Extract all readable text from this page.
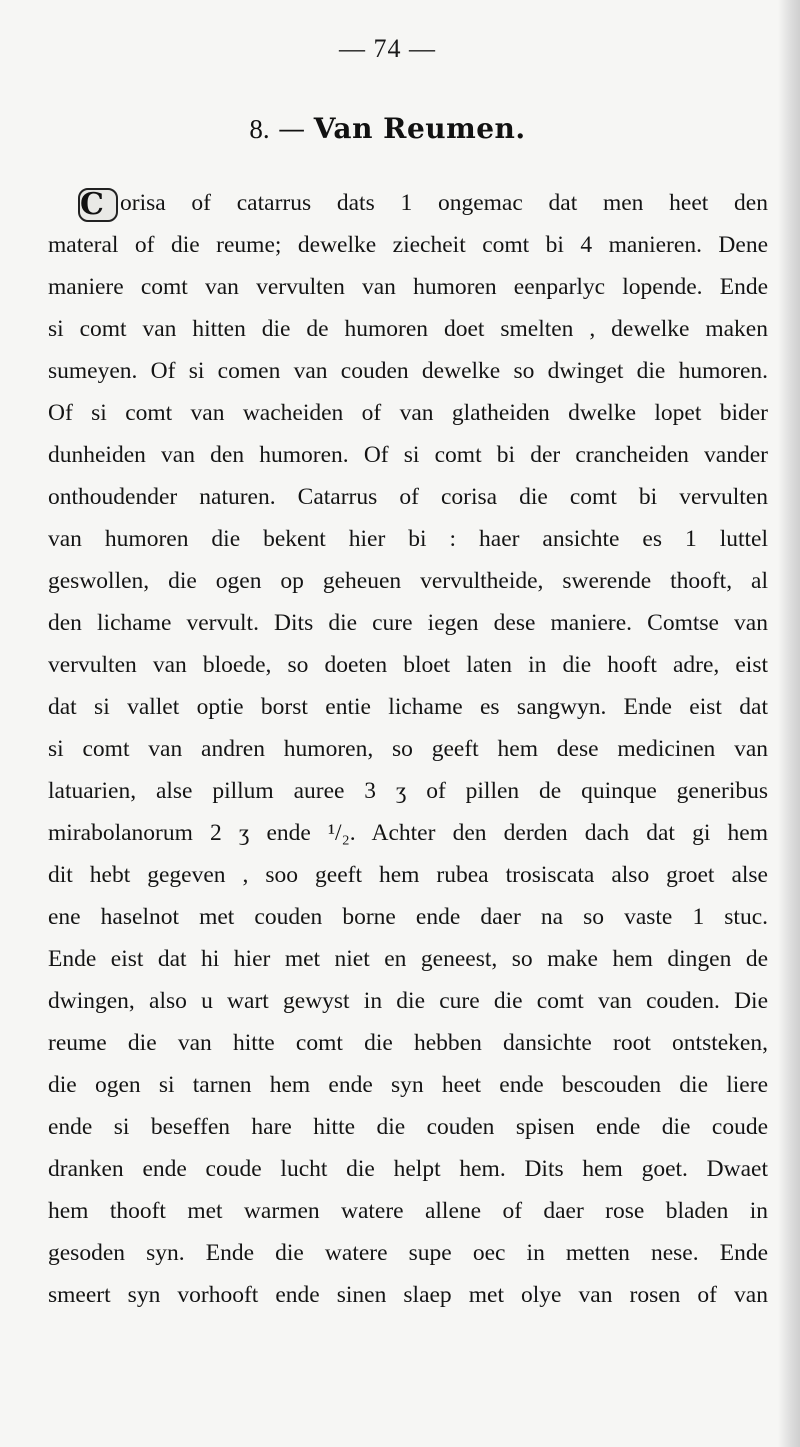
— 74 —
8. — Van Reumen.
C orisa of catarrus dats 1 ongemac dat men heet den
materal of die reume; dewelke ziecheit comt bi 4 manieren. Dene
maniere comt van vervulten van humoren eenparlyc lopende. Ende
si comt van hitten die de humoren doet smelten , dewelke maken
sumeyen. Of si comen van couden dewelke so dwinget die humoren.
Of si comt van wacheiden of van glatheiden dwelke lopet bider
dunheiden van den humoren. Of si comt bi der crancheiden vander
onthoudender naturen. Catarrus of corisa die comt bi vervulten
van humoren die bekent hier bi : haer ansichte es 1 luttel
geswollen, die ogen op geheuen vervultheide, swerende thooft, al
den lichame vervult. Dits die cure iegen dese maniere. Comtse van
vervulten van bloede, so doeten bloet laten in die hooft adre, eist
dat si vallet optie borst entie lichame es sangwyn. Ende eist dat
si comt van andren humoren, so geeft hem dese medicinen van
latuarien, alse pillum auree 3 ʒ of pillen de quinque generibus
mirabolanorum 2 ʒ ende ¹/₂. Achter den derden dach dat gi hem
dit hebt gegeven , soo geeft hem rubea trosiscata also groet alse
ene haselnot met couden borne ende daer na so vaste 1 stuc.
Ende eist dat hi hier met niet en geneest, so make hem dingen de
dwingen, also u wart gewyst in die cure die comt van couden. Die
reume die van hitte comt die hebben dansichte root ontsteken,
die ogen si tarnen hem ende syn heet ende bescouden die liere
ende si beseffen hare hitte die couden spisen ende die coude
dranken ende coude lucht die helpt hem. Dits hem goet. Dwaet
hem thooft met warmen watere allene of daer rose bladen in
gesoden syn. Ende die watere supe oec in metten nese. Ende
smeert syn vorhooft ende sinen slaep met olye van rosen of van
